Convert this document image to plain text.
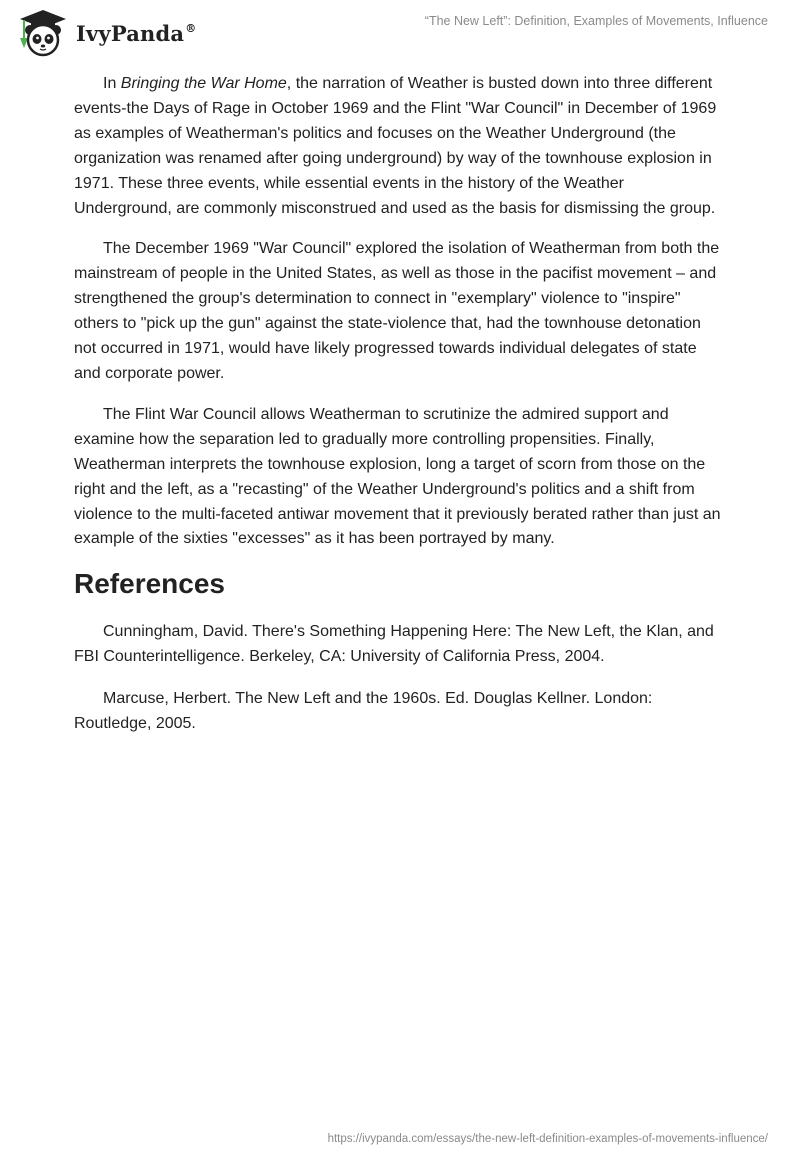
IvyPanda®	“The New Left”: Definition, Examples of Movements, Influence

In Bringing the War Home, the narration of Weather is busted down into three different events-the Days of Rage in October 1969 and the Flint "War Council" in December of 1969 as examples of Weatherman's politics and focuses on the Weather Underground (the organization was renamed after going underground) by way of the townhouse explosion in 1971. These three events, while essential events in the history of the Weather Underground, are commonly misconstrued and used as the basis for dismissing the group.

The December 1969 "War Council" explored the isolation of Weatherman from both the mainstream of people in the United States, as well as those in the pacifist movement – and strengthened the group's determination to connect in "exemplary" violence to "inspire" others to "pick up the gun" against the state-violence that, had the townhouse detonation not occurred in 1971, would have likely progressed towards individual delegates of state and corporate power.

The Flint War Council allows Weatherman to scrutinize the admired support and examine how the separation led to gradually more controlling propensities. Finally, Weatherman interprets the townhouse explosion, long a target of scorn from those on the right and the left, as a "recasting" of the Weather Underground's politics and a shift from violence to the multi-faceted antiwar movement that it previously berated rather than just an example of the sixties "excesses" as it has been portrayed by many.

References

Cunningham, David. There's Something Happening Here: The New Left, the Klan, and FBI Counterintelligence. Berkeley, CA: University of California Press, 2004.

Marcuse, Herbert. The New Left and the 1960s. Ed. Douglas Kellner. London: Routledge, 2005.

https://ivypanda.com/essays/the-new-left-definition-examples-of-movements-influence/
